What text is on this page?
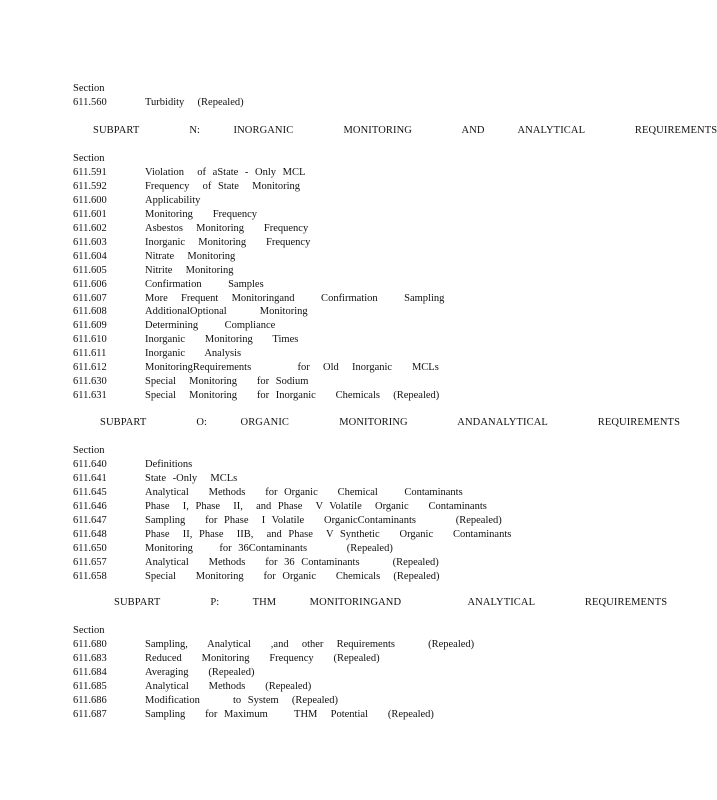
Section
611.560	Turbidity  (Repealed)
SUBPART   N:  INORGANIC   MONITORING   AND  ANALYTICAL   REQUIREMENTS
Section
611.591	Violation  of aState - Only MCL
611.592	Frequency  of State  Monitoring
611.600	Applicability
611.601	Monitoring   Frequency
611.602	Asbestos  Monitoring   Frequency
611.603	Inorganic  Monitoring   Frequency
611.604	Nitrate  Monitoring
611.605	Nitrite  Monitoring
611.606	Confirmation    Samples
611.607	More  Frequent  Monitoringand    Confirmation    Sampling
611.608	AdditionalOptional     Monitoring
611.609	Determining    Compliance
611.610	Inorganic   Monitoring   Times
611.611	Inorganic   Analysis
611.612	MonitoringRequirements       for  Old  Inorganic   MCLs
611.630	Special  Monitoring   for Sodium
611.631	Special  Monitoring   for Inorganic   Chemicals  (Repealed)
SUBPART   O:  ORGANIC   MONITORING   ANDANALYTICAL   REQUIREMENTS
Section
611.640	Definitions
611.641	State -Only  MCLs
611.645	Analytical   Methods   for Organic   Chemical    Contaminants
611.646	Phase  I, Phase  II,  and Phase  V Volatile  Organic   Contaminants
611.647	Sampling   for Phase  I Volatile   OrganicContaminants      (Repealed)
611.648	Phase  II, Phase  IIB,  and Phase  V Synthetic   Organic   Contaminants
611.650	Monitoring    for 36Contaminants      (Repealed)
611.657	Analytical   Methods   for 36 Contaminants     (Repealed)
611.658	Special   Monitoring   for Organic   Chemicals  (Repealed)
SUBPART   P:  THM  MONITORINGAND    ANALYTICAL   REQUIREMENTS
Section
611.680	Sampling,   Analytical   ,and  other  Requirements     (Repealed)
611.683	Reduced   Monitoring   Frequency   (Repealed)
611.684	Averaging   (Repealed)
611.685	Analytical   Methods   (Repealed)
611.686	Modification     to System  (Repealed)
611.687	Sampling   for Maximum    THM  Potential   (Repealed)
